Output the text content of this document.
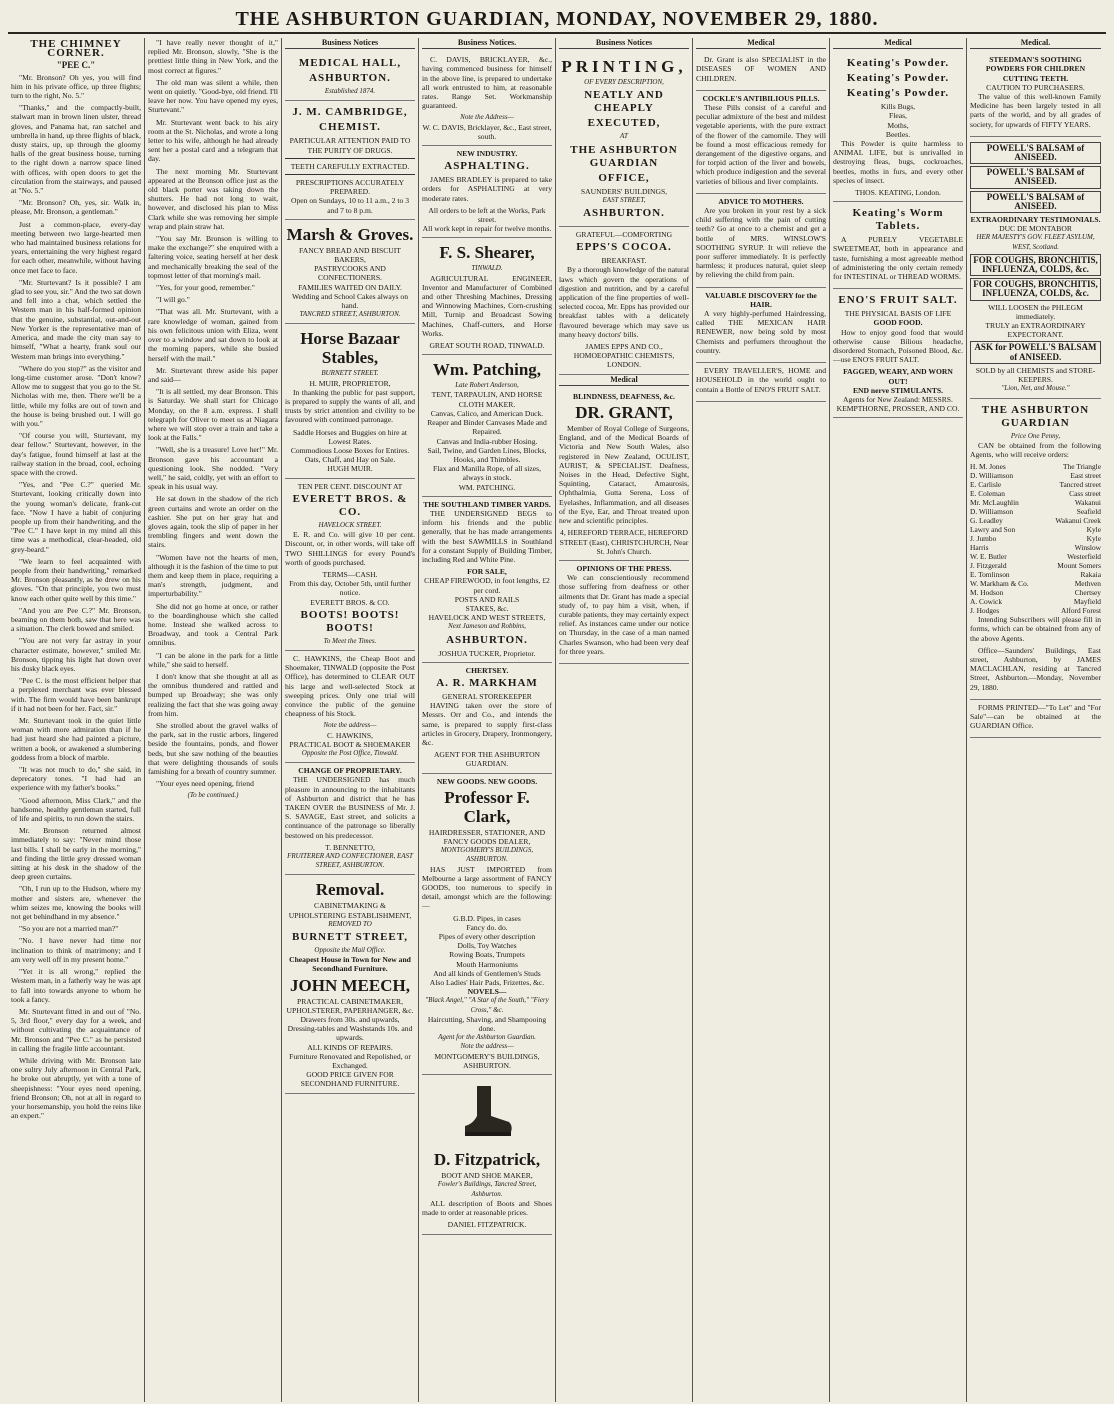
THE ASHBURTON GUARDIAN, MONDAY, NOVEMBER 29, 1880.
THE CHIMNEY CORNER.
"PEE C."

"Mr. Bronson? Oh yes, you will find him in his private office, up three flights; turn to the right, No. 5."

"Thanks," and the compactly-built, stalwart man in brown linen ulster, thread gloves, and Panama hat, ran satchel and umbrella in hand, up three flights of black, dusty stairs, up, up through the gloomy halls of the great business house, turning to the right down a narrow space lined with offices, with open doors to get the circulation from the stairways, and paused at "No. 5."

"Mr. Bronson? Oh, yes, sir. Walk in, please, Mr. Bronson, a gentleman."

Just a common-place, every-day meeting between two large-hearted men who had maintained business relations for years, entertaining the very highest regard for each other, meanwhile, without having once met face to face.

"Mr. Sturtevant? Is it possible? I am glad to see you, sir." And the two sat down and fell into a chat, which settled the Western man in his half-formed opinion that the genuine, substantial, out-and-out New Yorker is the representative man of America, and made the city man say to himself, "What a hearty, frank soul our Western man brings into everything."

"Where do you stop?" as the visitor and long-time customer arose. "Don't know? Allow me to suggest that you go to the St. Nicholas with me, then. There we'll be a little, while my folks are out of town and the house is being brushed out. I will go with you."

"Of course you will, Sturtevant, my dear fellow." Sturtevant, however, in the day's fatigue, found himself at last at the railway station in the broad, cool, echoing space with the crowd.

"Yes, and "Pee C.?" queried Mr. Sturtevant, looking critically down into the young woman's delicate, frank-cut face. "Now I have a habit of conjuring people up from their handwriting, and the "Pee C." I have kept in my mind all this time was a methodical, clear-headed, old grey-beard."

"We learn to feel acquainted with people from their handwriting," remarked Mr. Bronson pleasantly, as he drew on his gloves. "On that principle, you two must know each other quite well by this time."

"And you are Pee C.?" Mr. Bronson, beaming on them both, saw that here was a situation. The clerk bowed and smiled.

"You are not very far astray in your character estimate, however," smiled Mr. Bronson, tipping his light hat down over his dusky black eyes.

"Pee C. is the most efficient helper that a perplexed merchant was ever blessed with. The firm would have been bankrupt if it had not been for her. Fact, sir."

Mr. Sturtevant took in the quiet little woman with more admiration than if he had just heard she had painted a picture, written a book, or awakened a slumbering goddess from a block of marble.

"It was not much to do," she said, in deprecatory tones. "I had had an experience with my father's books."

"Good afternoon, Miss Clark," and the handsome, healthy gentleman started, full of life and spirits, to run down the stairs.

Mr. Bronson returned almost immediately to say: "Never mind those last bills. I shall be early in the morning," and finding the little grey dressed woman sitting at his desk in the shadow of the deep green curtains.

"Oh, I run up to the Hudson, where my mother and sisters are, whenever the whim seizes me, knowing the books will not get behindhand in my absence."

"So you are not a married man?"

"No. I have never had time nor inclination to think of matrimony; and I am very well off in my present home."

"Yet it is all wrong," replied the Western man, in a fatherly way he was apt to fall into towards anyone to whom he took a fancy.

Mr. Sturtevant fitted in and out of "No. 5, 3rd floor," every day for a week, and without cultivating the acquaintance of Mr. Bronson and "Pee C." as he persisted in calling the fragile little accountant.

While driving with Mr. Bronson late one sultry July afternoon in Central Park, he broke out abruptly, yet with a tone of sheepishness: "Your eyes need opening, friend Bronson; Oh, not at all in regard to your horsemanship, you hold the reins like an expert."

"I have really never thought of it," replied Mr. Bronson, slowly, "She is the prettiest little thing in New York, and the most correct at figures."

The old man was silent a while, then went on quietly. "Good-bye, old friend. I'll leave her now. You have opened my eyes, Sturtevant."

Mr. Sturtevant went back to his airy room at the St. Nicholas, and wrote a long letter to his wife, although he had already sent her a postal card and a telegram that day.

The next morning Mr. Sturtevant appeared at the Bronson office just as the old black porter was taking down the shutters. He had not long to wait, however, and disclosed his plan to Miss Clark while she was removing her simple wrap and plain straw hat.

"You say Mr. Bronson is willing to make the exchange?" she enquired with a faltering voice, seating herself at her desk and mechanically breaking the seal of the topmost letter of that morning's mail.

"Yes, for your good, remember."

"I will go."

"That was all. Mr. Sturtevant, with a rare knowledge of woman, gained from his own felicitous union with Eliza, went over to a window and sat down to look at the morning papers, while she busied herself with the mail."

Mr. Sturtevant threw aside his paper and said—

"It is all settled, my dear Bronson. This is Saturday. We shall start for Chicago Monday, on the 8 a.m. express. I shall telegraph for Oliver to meet us at Niagara where we will stop over a train and take a look at the Falls."

"Well, she is a treasure! Love her!" Mr. Bronson gave his accountant a questioning look. She nodded. "Very well," he said, coldly, yet with an effort to speak in his usual way.

He sat down in the shadow of the rich green curtains and wrote an order on the cashier. She put on her gray hat and gloves again, took the slip of paper in her trembling fingers and went down the stairs.

"Women have not the hearts of men, although it is the fashion of the time to put them and keep them in place, requiring a man's strength, judgment, and imperturbability."

She did not go home at once, or rather to the boardinghouse which she called home. Instead she walked across to Broadway, and took a Central Park omnibus.

"I can be alone in the park for a little while," she said to herself.

I don't know that she thought at all as the omnibus thundered and rattled and bumped up Broadway; she was only realizing the fact that she was going away from him.

She strolled about the gravel walks of the park, sat in the rustic arbors, lingered beside the fountains, ponds, and flower beds, but she saw nothing of the beauties that were delighting thousands of souls famishing for a breath of country summer.

"Your eyes need opening, friend

(To be continued.)
Business Notices
MEDICAL HALL,
ASHBURTON.
Established 1874.
J. M. CAMBRIDGE,
CHEMIST.
PARTICULAR ATTENTION PAID TO THE PURITY OF DRUGS.
TEETH CAREFULLY EXTRACTED.
PRESCRIPTIONS ACCURATELY PREPARED.
Open on Sundays, 10 to 11 a.m., 2 to 3 and 7 to 8 p.m.
Marsh & Groves.
FANCY BREAD AND BISCUIT BAKERS,
PASTRYCOOKS AND CONFECTIONERS.
FAMILIES WAITED ON DAILY.
Wedding and School Cakes always on hand.
TANCRED STREET, ASHBURTON.
Horse Bazaar Stables,
BURNETT STREET.
H. MUIR, PROPRIETOR,

In thanking the public for past support, is prepared to supply the wants of all, and trusts by strict attention and civility to be favoured with continued patronage.

Saddle Horses and Buggies on hire at Lowest Rates.
Commodious Loose Boxes for Entires.
Oats, Chaff, and Hay on Sale.
HUGH MUIR.
TEN PER CENT. DISCOUNT AT
EVERETT BROS. & CO.
HAVELOCK STREET.

E. R. and Co. will give 10 per cent. Discount, or, in other words, will take off TWO SHILLINGS for every Pound's worth of goods purchased.

TERMS—CASH.
From this day, October 5th, until further notice.
EVERETT BROS. & CO.
BOOTS! BOOTS! BOOTS!
To Meet the Times.

C. HAWKINS, the Cheap Boot and Shoemaker, TINWALD (opposite the Post Office), has determined to CLEAR OUT his large and well-selected Stock at sweeping prices. Only one trial will convince the public of the genuine cheapness of his Stock.

Note the address—
C. HAWKINS,
PRACTICAL BOOT & SHOEMAKER
Opposite the Post Office, Tinwald.
CHANGE OF PROPRIETARY.

THE UNDERSIGNED has much pleasure in announcing to the inhabitants of Ashburton and district that he has TAKEN OVER the BUSINESS of Mr. J. S. SAVAGE, East street, and solicits a continuance of the patronage so liberally bestowed on his predecessor.

T. BENNETTO,
FRUITERER AND CONFECTIONER, EAST STREET, ASHBURTON.
Removal.
CABINETMAKING & UPHOLSTERING ESTABLISHMENT,
REMOVED TO
BURNETT STREET,
Opposite the Mail Office.
Cheapest House in Town for New and Secondhand Furniture.
JOHN MEECH,
PRACTICAL CABINETMAKER, UPHOLSTERER, PAPERHANGER, &c.
Drawers from 30s. and upwards, Dressing-tables and Washstands 10s. and upwards.
ALL KINDS OF REPAIRS.
Furniture Renovated and Repolished, or Exchanged.
GOOD PRICE GIVEN FOR SECONDHAND FURNITURE.
Business Notices.

C. DAVIS, BRICKLAYER, &c., having commenced business for himself in the above line, is prepared to undertake all work entrusted to him, at reasonable rates. Range Set. Workmanship guaranteed.

Note the Address—
W. C. DAVIS, Bricklayer, &c., East street, south.
NEW INDUSTRY.
ASPHALTING.

JAMES BRADLEY is prepared to take orders for ASPHALTING at very moderate rates.

All orders to be left at the Works, Park street.
All work kept in repair for twelve months.
F. S. Shearer,
TINWALD.

AGRICULTURAL ENGINEER, Inventor and Manufacturer of Combined and other Threshing Machines, Dressing and Winnowing Machines, Corn-crushing Mill, Turnip and Broadcast Sowing Machines, Chaff-cutters, and Horse Works.

GREAT SOUTH ROAD, TINWALD.
Wm. Patching,
Late Robert Anderson,
TENT, TARPAULIN, AND HORSE CLOTH MAKER.
Canvas, Calico, and American Duck.
Reaper and Binder Canvases Made and Repaired.
Canvas and India-rubber Hosing.
Sail, Twine, and Garden Lines, Blocks, Hooks, and Thimbles.
Flax and Manilla Rope, of all sizes, always in stock.
WM. PATCHING.
THE SOUTHLAND TIMBER YARDS.

THE UNDERSIGNED BEGS to inform his friends and the public generally, that he has made arrangements with the best SAWMILLS in Southland for a constant Supply of Building Timber, including Red and White Pine.

FOR SALE,
CHEAP FIREWOOD, in foot lengths, £2 per cord.
POSTS AND RAILS
STAKES, &c.
HAVELOCK AND WEST STREETS,
Next Jameson and Robbins,
ASHBURTON.
JOSHUA TUCKER, Proprietor.
CHERTSEY.
A. R. MARKHAM
GENERAL STOREKEEPER

HAVING taken over the store of Messrs. Orr and Co., and intends the same, is prepared to supply first-class articles in Grocery, Drapery, Ironmongery, &c.

AGENT FOR THE ASHBURTON GUARDIAN.
NEW GOODS. NEW GOODS.
Professor F. Clark,
HAIRDRESSER, STATIONER, AND FANCY GOODS DEALER,
MONTGOMERY'S BUILDINGS, ASHBURTON.

HAS JUST IMPORTED from Melbourne a large assortment of FANCY GOODS, too numerous to specify in detail, amongst which are the following:—

G.B.D. Pipes, in cases
Fancy do. do.
Pipes of every other description
Dolls, Toy Watches
Rowing Boats, Trumpets
Mouth Harmoniums
And all kinds of Gentlemen's Studs
Also Ladies' Hair Pads, Frizettes, &c.
NOVELS—
"Black Angel," "A Star of the South," "Fiery Cross," &c.
Haircutting, Shaving, and Shampooing done.
Agent for the Ashburton Guardian.
Note the address—
MONTGOMERY'S BUILDINGS, ASHBURTON.
D. Fitzpatrick,
BOOT AND SHOE MAKER,
Fowler's Buildings, Tancred Street, Ashburton.

ALL description of Boots and Shoes made to order at reasonable prices.

DANIEL FITZPATRICK.
Business Notices
PRINTING,
OF EVERY DESCRIPTION,
NEATLY AND CHEAPLY
EXECUTED,
AT
THE ASHBURTON GUARDIAN
OFFICE,
SAUNDERS' BUILDINGS,
EAST STREET,
ASHBURTON.
GRATEFUL—COMFORTING
EPPS'S COCOA.
BREAKFAST.

By a thorough knowledge of the natural laws which govern the operations of digestion and nutrition, and by a careful application of the fine properties of well-selected cocoa, Mr. Epps has provided our breakfast tables with a delicately flavoured beverage which may save us many heavy doctors' bills.

JAMES EPPS AND CO., HOMOEOPATHIC CHEMISTS, LONDON.
Medical
BLINDNESS, DEAFNESS, &c.
DR. GRANT,

Member of Royal College of Surgeons, England, and of the Medical Boards of Victoria and New South Wales, also registered in New Zealand, OCULIST, AURIST, & SPECIALIST. Deafness, Noises in the Head, Defective Sight, Squinting, Cataract, Amaurosis, Ophthalmia, Gutta Serena, Loss of Eyelashes, Inflammation, and all diseases of the Eye, Ear, and Throat treated upon new and scientific principles.

4, HEREFORD TERRACE, HEREFORD STREET (East), CHRISTCHURCH, Near St. John's Church.
OPINIONS OF THE PRESS.

We can conscientiously recommend those suffering from deafness or other ailments that Dr. Grant has made a special study of, to pay him a visit, when, if curable patients, they may certainly expect relief. As instances came under our notice on Thursday, in the case of a man named Charles Swanson, who had been very deaf for three years.

Medical

Dr. Grant is also SPECIALIST in the DISEASES OF WOMEN AND CHILDREN.

COCKLE'S ANTIBILIOUS PILLS.

These Pills consist of a careful and peculiar admixture of the best and mildest vegetable aperients, with the pure extract of the flower of the camomile. They will be found a most efficacious remedy for derangement of the digestive organs, and for torpid action of the liver and bowels, which produce indigestion and the several varieties of bilious and liver complaints.

ADVICE TO MOTHERS.

Are you broken in your rest by a sick child suffering with the pain of cutting teeth? Go at once to a chemist and get a bottle of MRS. WINSLOW'S SOOTHING SYRUP. It will relieve the poor sufferer immediately. It is perfectly harmless; it produces natural, quiet sleep by relieving the child from pain.

VALUABLE DISCOVERY for the HAIR.

A very highly-perfumed Hairdressing, called THE MEXICAN HAIR RENEWER, now being sold by most Chemists and perfumers throughout the country.

EVERY TRAVELLER'S, HOME and HOUSEHOLD in the world ought to contain a Bottle of ENO'S FRUIT SALT.

Medical
Keating's Powder.
Keating's Powder.
Keating's Powder.
Kills Bugs,
Fleas,
Moths,
Beetles.

This Powder is quite harmless to ANIMAL LIFE, but is unrivalled in destroying fleas, bugs, cockroaches, beetles, moths in furs, and every other species of insect.

THOS. KEATING, London.
Keating's Worm Tablets.

A PURELY VEGETABLE SWEETMEAT, both in appearance and taste, furnishing a most agreeable method of administering the only certain remedy for INTESTINAL or THREAD WORMS.

ENO'S FRUIT SALT.
THE PHYSICAL BASIS OF LIFE
GOOD FOOD.

How to enjoy good food that would otherwise cause Bilious headache, disordered Stomach, Poisoned Blood, &c.—use ENO'S FRUIT SALT.

FAGGED, WEARY, AND WORN OUT!
END nerve STIMULANTS.
Agents for New Zealand: MESSRS. KEMPTHORNE, PROSSER, AND CO.
Medical.
STEEDMAN'S SOOTHING POWDERS FOR CHILDREN CUTTING TEETH.
CAUTION TO PURCHASERS.

The value of this well-known Family Medicine has been largely tested in all parts of the world, and by all grades of society, for upwards of FIFTY YEARS.

POWELL'S BALSAM of ANISEED.
POWELL'S BALSAM of ANISEED.
POWELL'S BALSAM of ANISEED.
EXTRAORDINARY TESTIMONIALS.
DUC DE MONTABOR
HER MAJESTY'S GOV. FLEET ASYLUM, WEST, Scotland.
FOR COUGHS, BRONCHITIS, INFLUENZA, COLDS, &c.
FOR COUGHS, BRONCHITIS, INFLUENZA, COLDS, &c.
WILL LOOSEN the PHLEGM immediately.
TRULY an EXTRAORDINARY EXPECTORANT.
ASK for POWELL'S BALSAM of ANISEED.
SOLD by all CHEMISTS and STORE-KEEPERS.
"Lion, Net, and Mouse."
THE ASHBURTON GUARDIAN
Price One Penny,

CAN be obtained from the following Agents, who will receive orders:

H. M. Jones	The Triangle
D. Williamson	East street
E. Carlisle	Tancred street
E. Coleman	Cass street
Mr. McLaughlin	Wakanui
D. Williamson	Seafield
G. Leadley	Wakanui Creek
Lawry and Son	Kyle
J. Jumbo	Kyle
Harris	Winslow
W. E. Butler	Westerfield
J. Fitzgerald	Mount Somers
E. Tomlinson	Rakaia
W. Markham & Co.	Methven
M. Hodson	Chertsey
A. Cowick	Mayfield
J. Hodges	Alford Forest

Intending Subscribers will please fill in forms, which can be obtained from any of the above Agents.

Office—Saunders' Buildings, East street, Ashburton, by JAMES MACLACHLAN, residing at Tancred Street, Ashburton.—Monday, November 29, 1880.

FORMS PRINTED—"To Let" and "For Sale"—can be obtained at the GUARDIAN Office.
